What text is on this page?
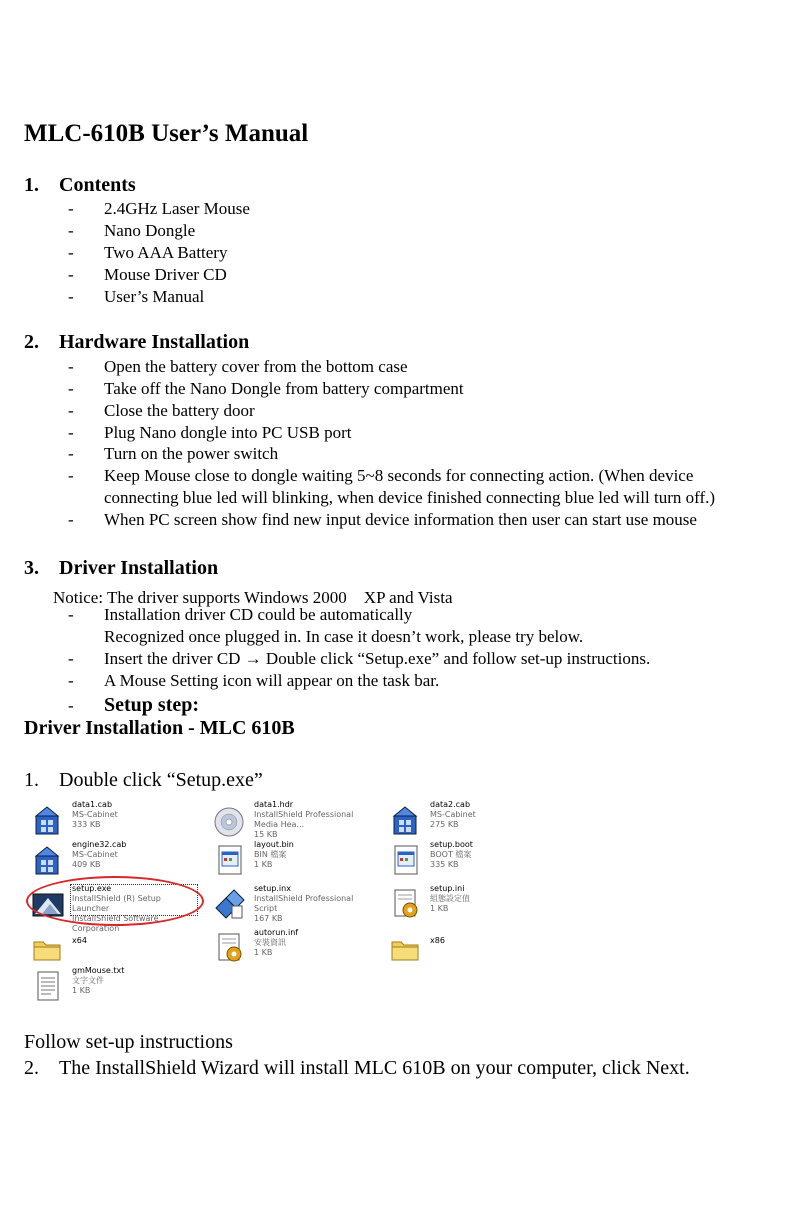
MLC-610B User’s Manual
1. Contents
- 2.4GHz Laser Mouse
- Nano Dongle
- Two AAA Battery
- Mouse Driver CD
- User’s Manual
2. Hardware Installation
- Open the battery cover from the bottom case
- Take off the Nano Dongle from battery compartment
- Close the battery door
- Plug Nano dongle into PC USB port
- Turn on the power switch
- Keep Mouse close to dongle waiting 5~8 seconds for connecting action. (When device
connecting blue led will blinking, when device finished connecting blue led will turn off.)
- When PC screen show find new input device information then user can start use mouse
3. Driver Installation
Notice: The driver supports Windows 2000　XP and Vista
- Installation driver CD could be automatically
Recognized once plugged in. In case it doesn’t work, please try below.
- Insert the driver CD → Double click “Setup.exe” and follow set-up instructions.
- A Mouse Setting icon will appear on the task bar.
- Setup step:
Driver Installation - MLC 610B
1. Double click “Setup.exe”
data1.cab
MS-Cabinet
333 KB
data1.hdr
InstallShield Professional Media Hea...
15 KB
data2.cab
MS-Cabinet
275 KB
engine32.cab
MS-Cabinet
409 KB
layout.bin
BIN 檔案
1 KB
setup.boot
BOOT 檔案
335 KB
setup.exe
InstallShield (R) Setup Launcher
InstallShield Software Corporation
setup.inx
InstallShield Professional Script
167 KB
setup.ini
組態設定值
1 KB
x64
autorun.inf
安裝資訊
1 KB
x86
gmMouse.txt
文字文件
1 KB
Follow set-up instructions
2. The InstallShield Wizard will install MLC 610B on your computer, click Next.
